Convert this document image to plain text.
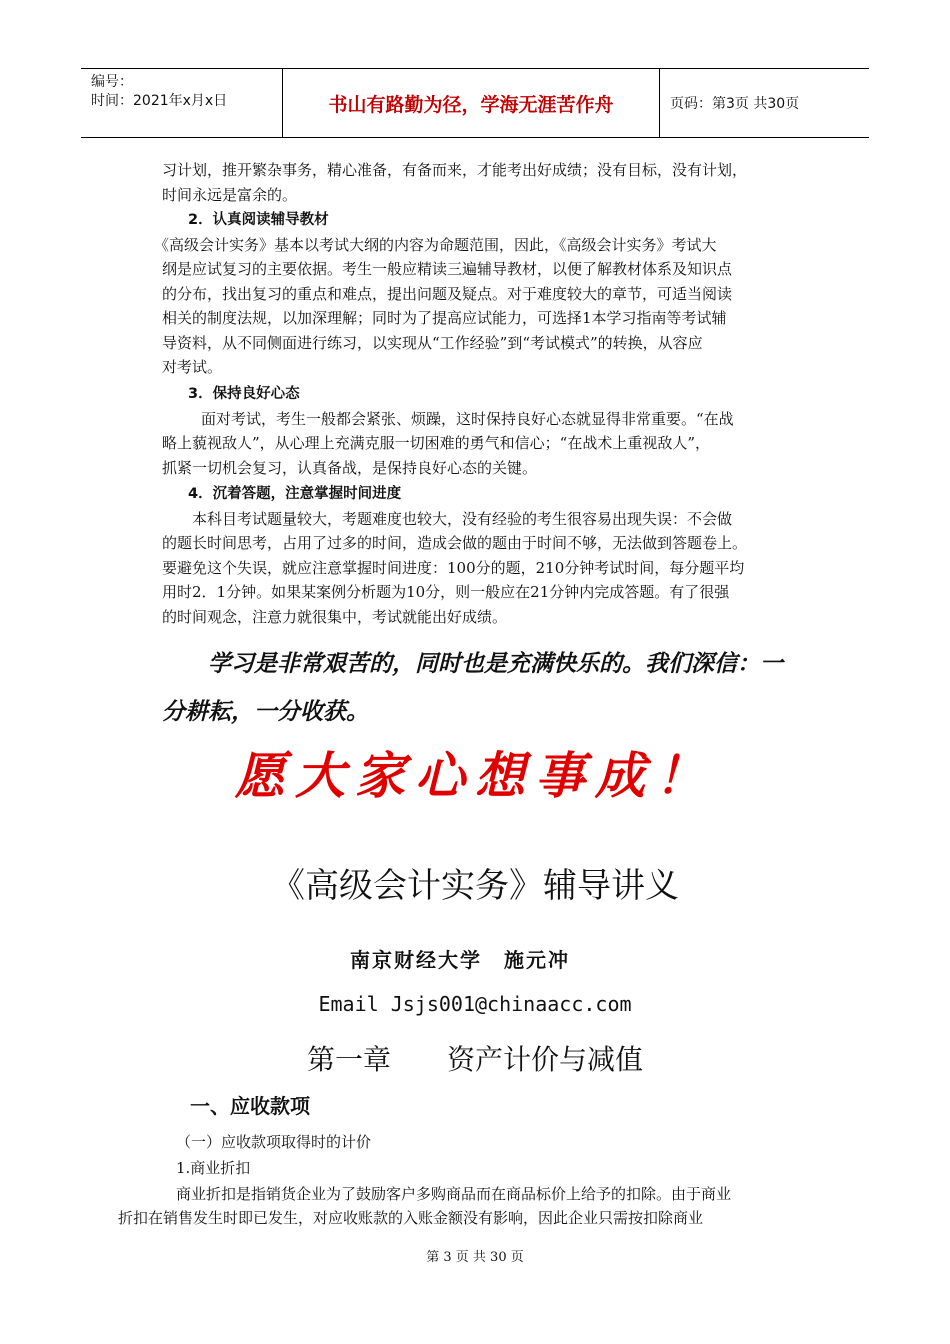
编号：
时间：2021年x月x日	书山有路勤为径，学海无涯苦作舟	页码：第3页 共30页
习计划，推开繁杂事务，精心准备，有备而来，才能考出好成绩；没有目标，没有计划，
时间永远是富余的。
2．认真阅读辅导教材
《高级会计实务》基本以考试大纲的内容为命题范围，因此，《高级会计实务》考试大
纲是应试复习的主要依据。考生一般应精读三遍辅导教材，以便了解教材体系及知识点
的分布，找出复习的重点和难点，提出问题及疑点。对于难度较大的章节，可适当阅读
相关的制度法规，以加深理解；同时为了提高应试能力，可选择1本学习指南等考试辅
导资料，从不同侧面进行练习，以实现从“工作经验”到“考试模式”的转换，从容应
对考试。
3．保持良好心态
　面对考试，考生一般都会紧张、烦躁，这时保持良好心态就显得非常重要。“在战
略上藐视敌人”，从心理上充满克服一切困难的勇气和信心；“在战术上重视敌人”，
抓紧一切机会复习，认真备战，是保持良好心态的关键。
4．沉着答题，注意掌握时间进度
本科目考试题量较大，考题难度也较大，没有经验的考生很容易出现失误：不会做
的题长时间思考，占用了过多的时间，造成会做的题由于时间不够，无法做到答题卷上。
要避免这个失误，就应注意掌握时间进度：100分的题，210分钟考试时间，每分题平均
用时2．1分钟。如果某案例分析题为10分，则一般应在21分钟内完成答题。有了很强
的时间观念，注意力就很集中，考试就能出好成绩。
学习是非常艰苦的，同时也是充满快乐的。我们深信：一
分耕耘，一分收获。
愿大家心想事成！
《高级会计实务》辅导讲义
南京财经大学　施元冲
Email Jsjs001@chinaacc.com
第一章　　资产计价与减值
一、应收款项
（一）应收款项取得时的计价
1.商业折扣
商业折扣是指销货企业为了鼓励客户多购商品而在商品标价上给予的扣除。由于商业
折扣在销售发生时即已发生，对应收账款的入账金额没有影响，因此企业只需按扣除商业
第 3 页 共 30 页
